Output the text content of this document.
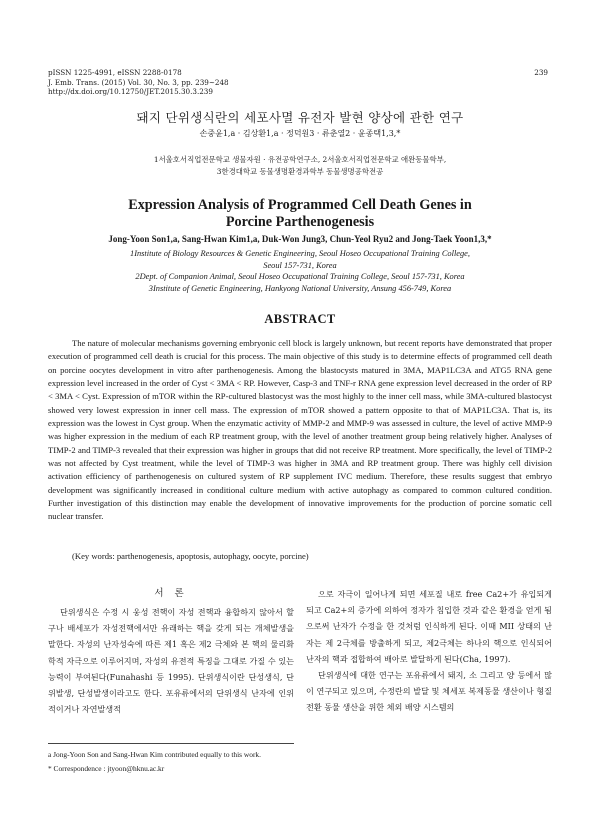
pISSN 1225-4991, eISSN 2288-0178
J. Emb. Trans. (2015) Vol. 30, No. 3, pp. 239~248
http://dx.doi.org/10.12750/JET.2015.30.3.239
239
돼지 단위생식란의 세포사멸 유전자 발현 양상에 관한 연구
손중윤1,a · 김상환1,a · 정덕원3 · 류춘열2 · 윤종택1,3,*
1서울호서직업전문학교 생물자원 · 유전공학연구소, 2서울호서직업전문학교 애완동물학부,
3한경대학교 동물생명환경과학부 동물생명공학전공
Expression Analysis of Programmed Cell Death Genes in
Porcine Parthenogenesis
Jong-Yoon Son1,a, Sang-Hwan Kim1,a, Duk-Won Jung3, Chun-Yeol Ryu2 and Jong-Taek Yoon1,3,*
1Institute of Biology Resources & Genetic Engineering, Seoul Hoseo Occupational Training College,
Seoul 157-731, Korea
2Dept. of Companion Animal, Seoul Hoseo Occupational Training College, Seoul 157-731, Korea
3Institute of Genetic Engineering, Hankyong National University, Ansung 456-749, Korea
ABSTRACT

The nature of molecular mechanisms governing embryonic cell block is largely unknown, but recent reports have demonstrated that proper execution of programmed cell death is crucial for this process. The main objective of this study is to determine effects of programmed cell death on porcine oocytes development in vitro after parthenogenesis. Among the blastocysts matured in 3MA, MAP1LC3A and ATG5 RNA gene expression level increased in the order of Cyst < 3MA < RP. However, Casp-3 and TNF-r RNA gene expression level decreased in the order of RP < 3MA < Cyst. Expression of mTOR within the RP-cultured blastocyst was the most highly to the inner cell mass, while 3MA-cultured blastocyst showed very lowest expression in inner cell mass. The expression of mTOR showed a pattern opposite to that of MAP1LC3A. That is, its expression was the lowest in Cyst group. When the enzymatic activity of MMP-2 and MMP-9 was assessed in culture, the level of active MMP-9 was higher expression in the medium of each RP treatment group, with the level of another treatment group being relatively higher. Analyses of TIMP-2 and TIMP-3 revealed that their expression was higher in groups that did not receive RP treatment. More specifically, the level of TIMP-2 was not affected by Cyst treatment, while the level of TIMP-3 was higher in 3MA and RP treatment group. There was highly cell division activation efficiency of parthenogenesis on cultured system of RP supplement IVC medium. Therefore, these results suggest that embryo development was significantly increased in conditional culture medium with active autophagy as compared to common cultured condition. Further investigation of this distinction may enable the development of innovative improvements for the production of porcine somatic cell nuclear transfer.

(Key words: parthenogenesis, apoptosis, autophagy, oocyte, porcine)
서 론

단위생식은 수정 시 웅성 전핵이 자성 전핵과 융합하지 않아서 할구나 배세포가 자성전핵에서만 유래하는 핵을 갖게 되는 개체발생을 말한다. 자성의 난자성숙에 따른 제1 혹은 제2 극체와 본 핵의 물리화학적 자극으로 이루어지며, 자성의 유전적 특징을 그대로 가질 수 있는 능력이 부여된다(Funahashi 등 1995). 단위생식이란 단성생식, 단위발생, 단성발생이라고도 한다. 포유류에서의 단위생식 난자에 인위적이거나 자연발생적

으로 자극이 일어나게 되면 세포질 내로 free Ca2+가 유입되게 되고 Ca2+의 증가에 의하여 정자가 침입한 것과 같은 환경을 얻게 됨으로써 난자가 수정을 한 것처럼 인식하게 된다. 이때 MII 상태의 난자는 제 2극체를 방출하게 되고, 제2극체는 하나의 핵으로 인식되어 난자의 핵과 접합하여 배아로 발달하게 된다(Cha, 1997).

단위생식에 대한 연구는 포유류에서 돼지, 소 그리고 양 등에서 많이 연구되고 있으며, 수정란의 발달 및 체세포 복제동물 생산이나 형질전환 동물 생산을 위한 체외 배양 시스템의

a Jong-Yoon Son and Sang-Hwan Kim contributed equally to this work.
* Correspondence : jtyoon@hknu.ac.kr
